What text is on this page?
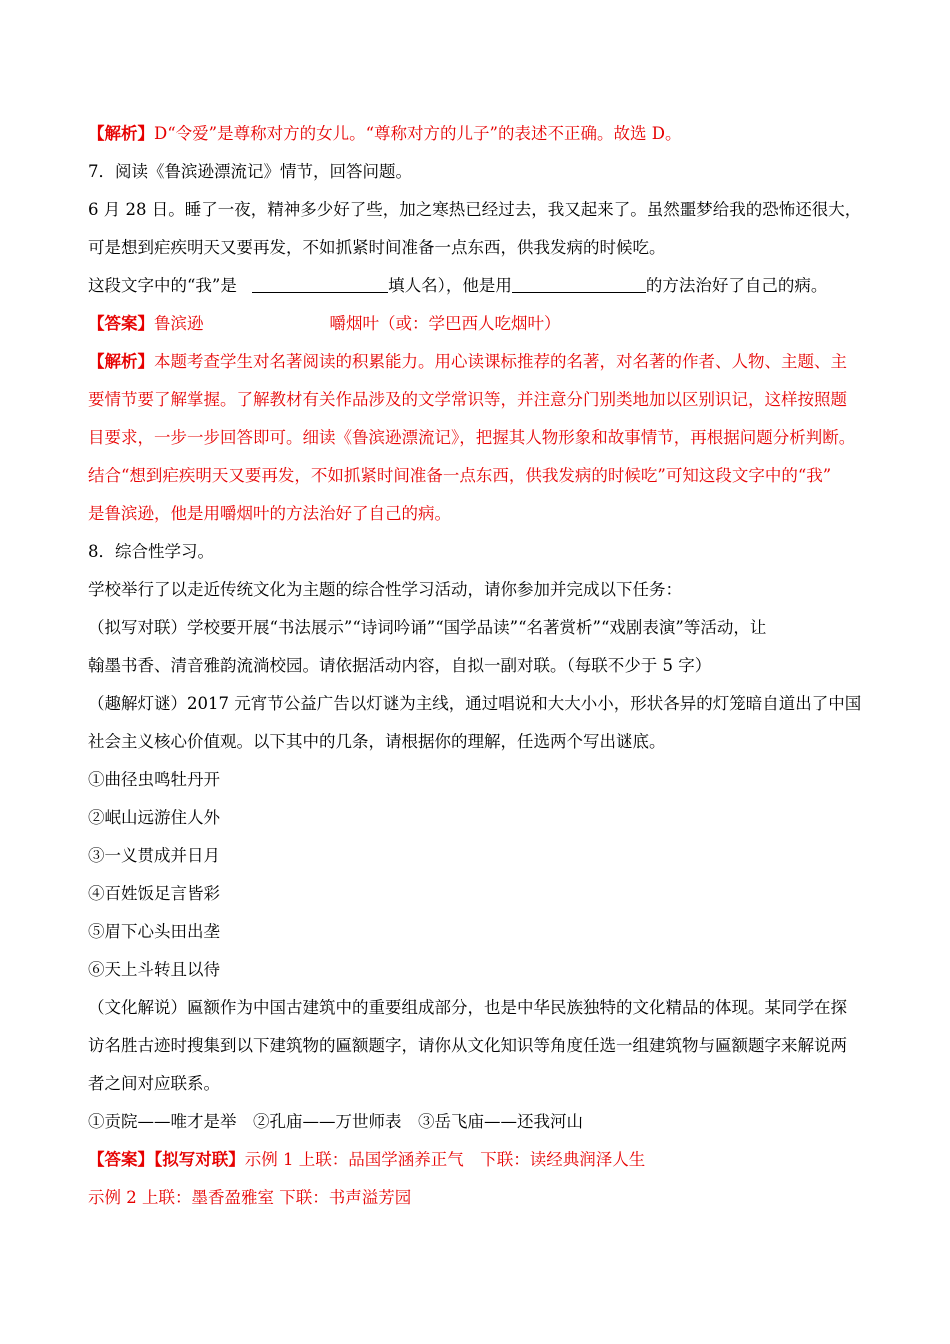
【解析】D“令爱”是尊称对方的女儿。“尊称对方的儿子”的表述不正确。故选 D。
7．阅读《鲁滨逊漂流记》情节，回答问题。
6 月 28 日。睡了一夜，精神多少好了些，加之寒热已经过去，我又起来了。虽然噩梦给我的恐怖还很大，
可是想到疟疾明天又要再发，不如抓紧时间准备一点东西，供我发病的时候吃。
这段文字中的“我”是	填人名），他是用	的方法治好了自己的病。
【答案】鲁滨逊	嚼烟叶（或：学巴西人吃烟叶）
【解析】本题考查学生对名著阅读的积累能力。用心读课标推荐的名著，对名著的作者、人物、主题、主
要情节要了解掌握。了解教材有关作品涉及的文学常识等，并注意分门别类地加以区别识记，这样按照题
目要求，一步一步回答即可。细读《鲁滨逊漂流记》，把握其人物形象和故事情节，再根据问题分析判断。
结合“想到疟疾明天又要再发，不如抓紧时间准备一点东西，供我发病的时候吃”可知这段文字中的“我”
是鲁滨逊，他是用嚼烟叶的方法治好了自己的病。
8．综合性学习。
学校举行了以走近传统文化为主题的综合性学习活动，请你参加并完成以下任务：
（拟写对联）学校要开展“书法展示”“诗词吟诵”“国学品读”“名著赏析”“戏剧表演”等活动，让
翰墨书香、清音雅韵流淌校园。请依据活动内容，自拟一副对联。（每联不少于 5 字）
（趣解灯谜）2017 元宵节公益广告以灯谜为主线，通过唱说和大大小小，形状各异的灯笼暗自道出了中国
社会主义核心价值观。以下其中的几条，请根据你的理解，任选两个写出谜底。
①曲径虫鸣牡丹开
②岷山远游住人外
③一义贯成并日月
④百姓饭足言皆彩
⑤眉下心头田出垄
⑥天上斗转且以待
（文化解说）匾额作为中国古建筑中的重要组成部分，也是中华民族独特的文化精品的体现。某同学在探
访名胜古迹时搜集到以下建筑物的匾额题字，请你从文化知识等角度任选一组建筑物与匾额题字来解说两
者之间对应联系。
①贡院——唯才是举　②孔庙——万世师表　③岳飞庙——还我河山
【答案】【拟写对联】示例 1 上联：品国学涵养正气　下联：读经典润泽人生
示例 2 上联：墨香盈雅室 下联：书声溢芳园
